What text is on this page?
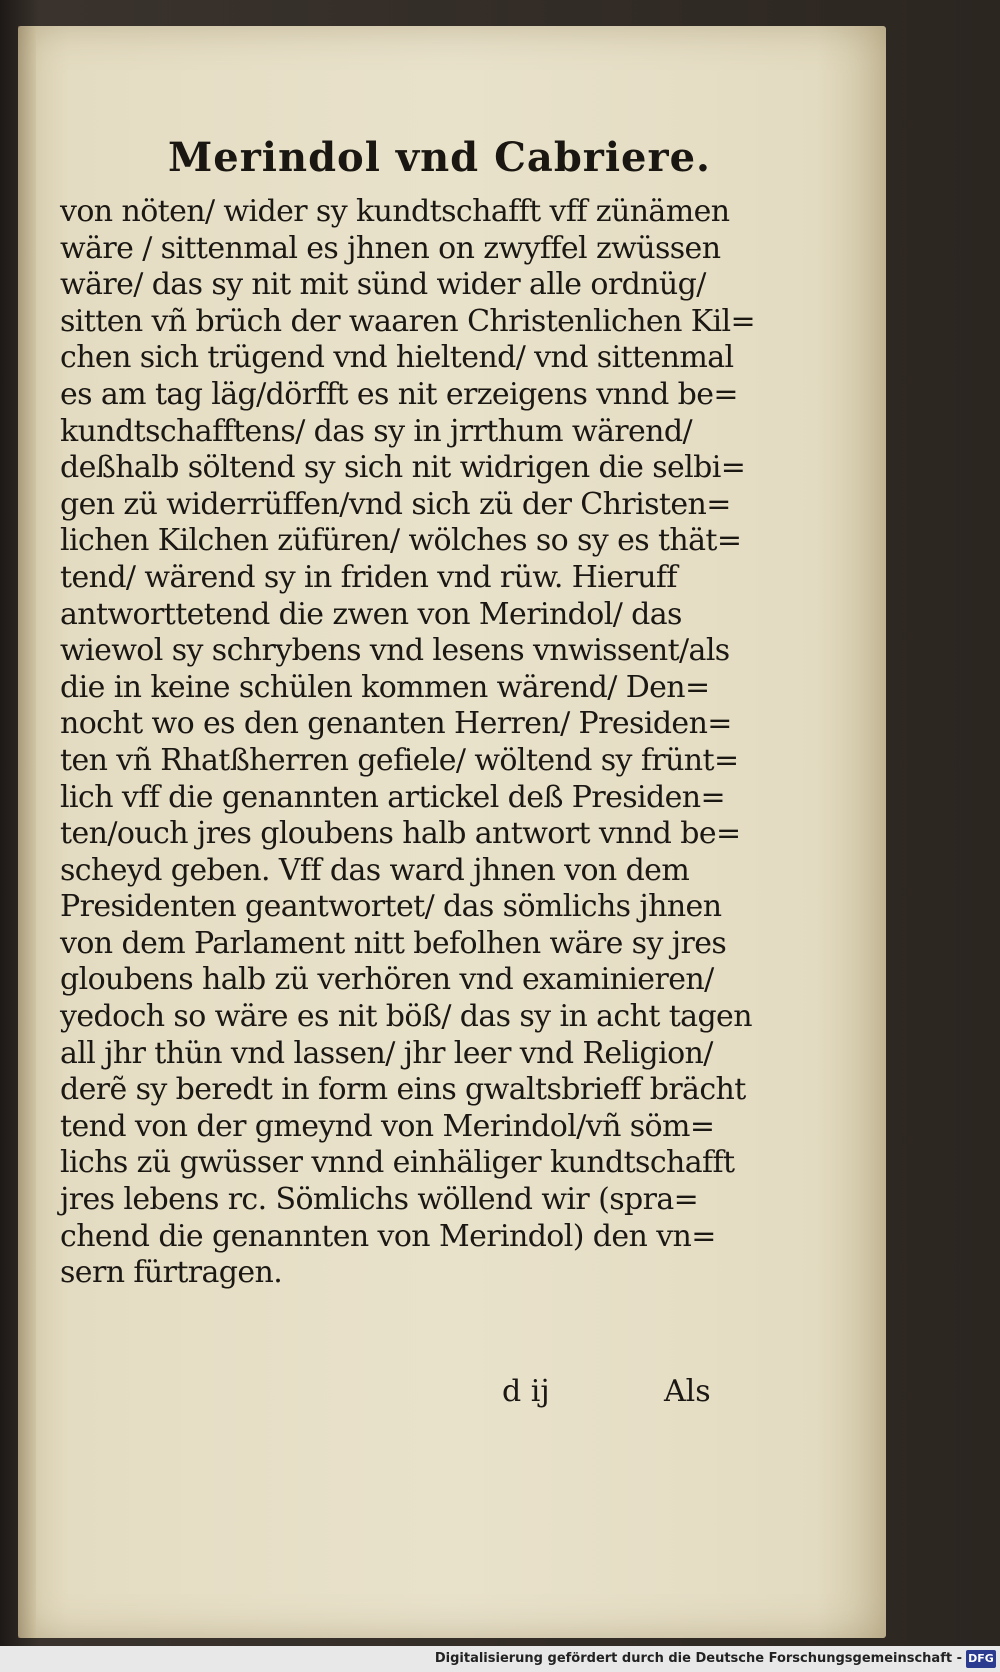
Merindol vnd Cabriere.
von nöten/ wider sy kundtschafft vff zünämen
wäre / sittenmal es jhnen on zwyffel zwüssen
wäre/ das sy nit mit sünd wider alle ordnüg/
sitten vñ brüch der waaren Christenlichen Kil=
chen sich trügend vnd hieltend/ vnd sittenmal
es am tag läg/dörfft es nit erzeigens vnnd be=
kundtschafftens/ das sy in jrrthum wärend/
deßhalb söltend sy sich nit widrigen die selbi=
gen zü widerrüffen/vnd sich zü der Christen=
lichen Kilchen züfüren/ wölches so sy es thät=
tend/ wärend sy in friden vnd rüw. Hieruff
antworttetend die zwen von Merindol/ das
wiewol sy schrybens vnd lesens vnwissent/als
die in keine schülen kommen wärend/ Den=
nocht wo es den genanten Herren/ Presiden=
ten vñ Rhatßherren gefiele/ wöltend sy frünt=
lich vff die genannten artickel deß Presiden=
ten/ouch jres gloubens halb antwort vnnd be=
scheyd geben. Vff das ward jhnen von dem
Presidenten geantwortet/ das sömlichs jhnen
von dem Parlament nitt befolhen wäre sy jres
gloubens halb zü verhören vnd examinieren/
yedoch so wäre es nit böß/ das sy in acht tagen
all jhr thün vnd lassen/ jhr leer vnd Religion/
derẽ sy beredt in form eins gwaltsbrieff brächt
tend von der gmeynd von Merindol/vñ söm=
lichs zü gwüsser vnnd einhäliger kundtschafft
jres lebens rc. Sömlichs wöllend wir (spra=
chend die genannten von Merindol) den vn=
sern fürtragen.
d ij	Als
Digitalisierung gefördert durch die Deutsche Forschungsgemeinschaft - DFG
